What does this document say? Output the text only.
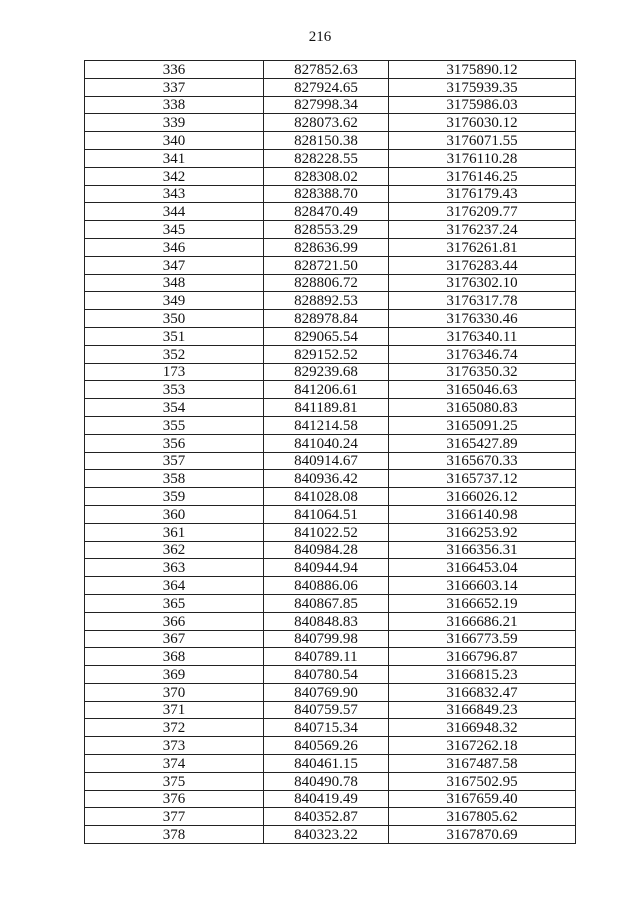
216
336	827852.63	3175890.12
337	827924.65	3175939.35
338	827998.34	3175986.03
339	828073.62	3176030.12
340	828150.38	3176071.55
341	828228.55	3176110.28
342	828308.02	3176146.25
343	828388.70	3176179.43
344	828470.49	3176209.77
345	828553.29	3176237.24
346	828636.99	3176261.81
347	828721.50	3176283.44
348	828806.72	3176302.10
349	828892.53	3176317.78
350	828978.84	3176330.46
351	829065.54	3176340.11
352	829152.52	3176346.74
173	829239.68	3176350.32
353	841206.61	3165046.63
354	841189.81	3165080.83
355	841214.58	3165091.25
356	841040.24	3165427.89
357	840914.67	3165670.33
358	840936.42	3165737.12
359	841028.08	3166026.12
360	841064.51	3166140.98
361	841022.52	3166253.92
362	840984.28	3166356.31
363	840944.94	3166453.04
364	840886.06	3166603.14
365	840867.85	3166652.19
366	840848.83	3166686.21
367	840799.98	3166773.59
368	840789.11	3166796.87
369	840780.54	3166815.23
370	840769.90	3166832.47
371	840759.57	3166849.23
372	840715.34	3166948.32
373	840569.26	3167262.18
374	840461.15	3167487.58
375	840490.78	3167502.95
376	840419.49	3167659.40
377	840352.87	3167805.62
378	840323.22	3167870.69
